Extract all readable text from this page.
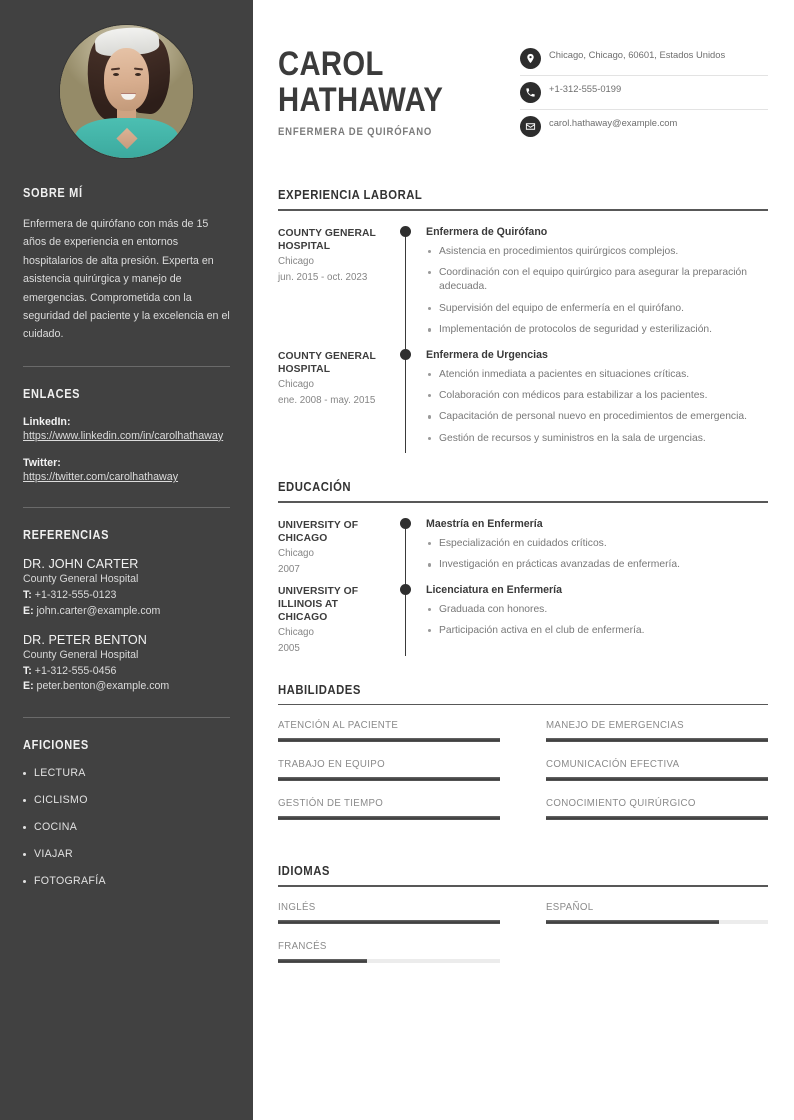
SOBRE MÍ

Enfermera de quirófano con más de 15 años de experiencia en entornos hospitalarios de alta presión. Experta en asistencia quirúrgica y manejo de emergencias. Comprometida con la seguridad del paciente y la excelencia en el cuidado.

ENLACES
LinkedIn:
https://www.linkedin.com/in/carolhathaway
Twitter:
https://twitter.com/carolhathaway
REFERENCIAS
DR. JOHN CARTER
County General Hospital
T: +1-312-555-0123
E: john.carter@example.com
DR. PETER BENTON
County General Hospital
T: +1-312-555-0456
E: peter.benton@example.com
AFICIONES
LECTURA
CICLISMO
COCINA
VIAJAR
FOTOGRAFÍA
CAROL
HATHAWAY
ENFERMERA DE QUIRÓFANO
Chicago, Chicago, 60601, Estados Unidos
+1-312-555-0199
carol.hathaway@example.com
EXPERIENCIA LABORAL
COUNTY GENERAL HOSPITAL
Chicago
jun. 2015 - oct. 2023
Enfermera de Quirófano
Asistencia en procedimientos quirúrgicos complejos.
Coordinación con el equipo quirúrgico para asegurar la preparación adecuada.
Supervisión del equipo de enfermería en el quirófano.
Implementación de protocolos de seguridad y esterilización.
COUNTY GENERAL HOSPITAL
Chicago
ene. 2008 - may. 2015
Enfermera de Urgencias
Atención inmediata a pacientes en situaciones críticas.
Colaboración con médicos para estabilizar a los pacientes.
Capacitación de personal nuevo en procedimientos de emergencia.
Gestión de recursos y suministros en la sala de urgencias.
EDUCACIÓN
UNIVERSITY OF CHICAGO
Chicago
2007
Maestría en Enfermería
Especialización en cuidados críticos.
Investigación en prácticas avanzadas de enfermería.
UNIVERSITY OF ILLINOIS AT CHICAGO
Chicago
2005
Licenciatura en Enfermería
Graduada con honores.
Participación activa en el club de enfermería.
HABILIDADES
ATENCIÓN AL PACIENTE	MANEJO DE EMERGENCIAS
TRABAJO EN EQUIPO	COMUNICACIÓN EFECTIVA
GESTIÓN DE TIEMPO	CONOCIMIENTO QUIRÚRGICO
IDIOMAS
INGLÉS	ESPAÑOL
FRANCÉS
